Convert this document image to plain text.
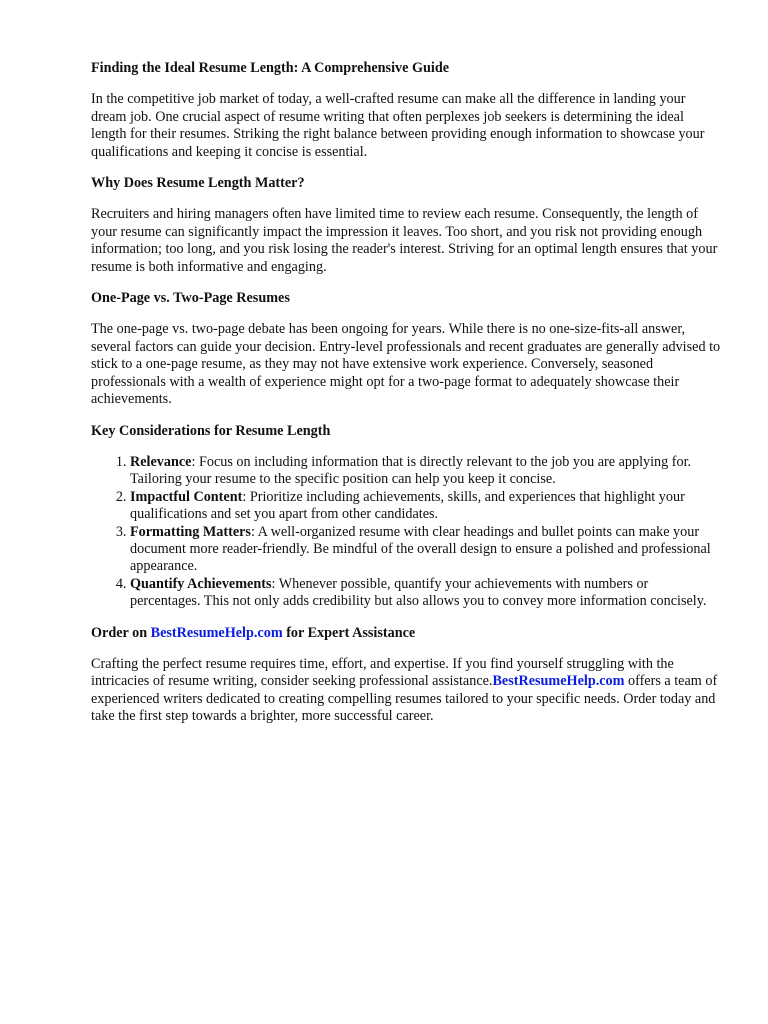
Finding the Ideal Resume Length: A Comprehensive Guide

In the competitive job market of today, a well-crafted resume can make all the difference in landing your dream job. One crucial aspect of resume writing that often perplexes job seekers is determining the ideal length for their resumes. Striking the right balance between providing enough information to showcase your qualifications and keeping it concise is essential.

Why Does Resume Length Matter?

Recruiters and hiring managers often have limited time to review each resume. Consequently, the length of your resume can significantly impact the impression it leaves. Too short, and you risk not providing enough information; too long, and you risk losing the reader's interest. Striving for an optimal length ensures that your resume is both informative and engaging.

One-Page vs. Two-Page Resumes

The one-page vs. two-page debate has been ongoing for years. While there is no one-size-fits-all answer, several factors can guide your decision. Entry-level professionals and recent graduates are generally advised to stick to a one-page resume, as they may not have extensive work experience. Conversely, seasoned professionals with a wealth of experience might opt for a two-page format to adequately showcase their achievements.

Key Considerations for Resume Length
1. Relevance: Focus on including information that is directly relevant to the job you are applying for. Tailoring your resume to the specific position can help you keep it concise.
2. Impactful Content: Prioritize including achievements, skills, and experiences that highlight your qualifications and set you apart from other candidates.
3. Formatting Matters: A well-organized resume with clear headings and bullet points can make your document more reader-friendly. Be mindful of the overall design to ensure a polished and professional appearance.
4. Quantify Achievements: Whenever possible, quantify your achievements with numbers or percentages. This not only adds credibility but also allows you to convey more information concisely.
Order on BestResumeHelp.com for Expert Assistance

Crafting the perfect resume requires time, effort, and expertise. If you find yourself struggling with the intricacies of resume writing, consider seeking professional assistance.BestResumeHelp.com offers a team of experienced writers dedicated to creating compelling resumes tailored to your specific needs. Order today and take the first step towards a brighter, more successful career.
